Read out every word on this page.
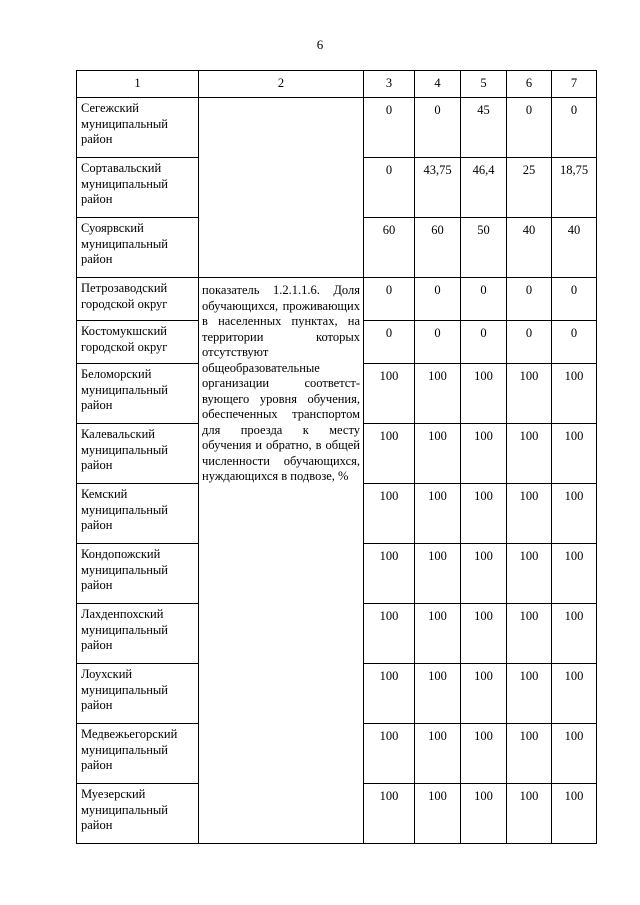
6
1	2	3	4	5	6	7
Сегежский муниципальный район		0	0	45	0	0
Сортавальский муниципальный район		0	43,75	46,4	25	18,75
Суоярвский муниципальный район		60	60	50	40	40
Петрозаводский городской округ	показатель 1.2.1.1.6. Доля обучающихся, проживающих в населенных пунктах, на территории которых отсутствуют общеобразовательные организации соответствующего уровня обучения, обеспеченных транспортом для проезда к месту обучения и обратно, в общей численности обучающихся, нуждающихся в подвозе, %	0	0	0	0	0
Костомукшский городской округ		0	0	0	0	0
Беломорский муниципальный район		100	100	100	100	100
Калевальский муниципальный район		100	100	100	100	100
Кемский муниципальный район		100	100	100	100	100
Кондопожский муниципальный район		100	100	100	100	100
Лахденпохский муниципальный район		100	100	100	100	100
Лоухский муниципальный район		100	100	100	100	100
Медвежьегорский муниципальный район		100	100	100	100	100
Муезерский муниципальный район		100	100	100	100	100
